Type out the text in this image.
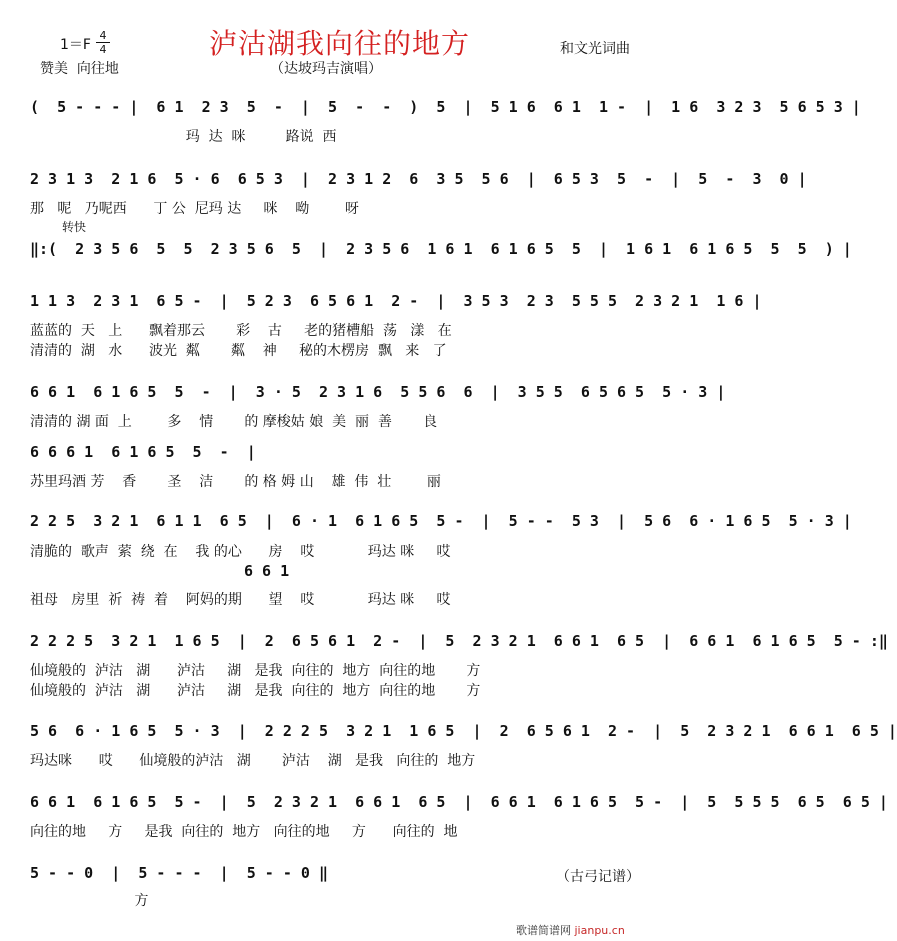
泸沽湖我向往的地方
1＝F
4
4	和文光词曲
赞美  向往地	（达坡玛吉演唱）
(  5 - - - |  6 1  2 3  5  -  |  5  -  -  )  5  |  5 1 6  6 1  1 -  |  1 6  3 2 3  5 6 5 3 |
玛  达  咪         路说  西
2 3 1 3  2 1 6  5 · 6  6 5 3  |  2 3 1 2  6  3 5  5 6  |  6 5 3  5  -  |  5  -  3  0 |
那   呢   乃呢西      丁 公  尼玛 达     咪    呦        呀
转快
‖:(  2 3 5 6  5  5  2 3 5 6  5  |  2 3 5 6  1 6 1  6 1 6 5  5  |  1 6 1  6 1 6 5  5  5  ) |
1 1 3  2 3 1  6 5 -  |  5 2 3  6 5 6 1  2 -  |  3 5 3  2 3  5 5 5  2 3 2 1  1 6 |
蓝蓝的  天   上      飘着那云       彩    古     老的猪槽船  荡   漾   在
清清的  湖   水      波光  粼       粼    神     秘的木楞房  飘   来   了
6 6 1  6 1 6 5  5  -  |  3 · 5  2 3 1 6  5 5 6  6  |  3 5 5  6 5 6 5  5 · 3 |
清清的 湖 面  上        多    情       的 摩梭姑 娘  美  丽  善       良
6 6 6 1  6 1 6 5  5  -  |
苏里玛酒 芳    香       圣    洁       的 格 姆 山    雄  伟  壮        丽
2 2 5  3 2 1  6 1 1  6 5  |  6 · 1  6 1 6 5  5 -  |  5 - -  5 3  |  5 6  6 · 1 6 5  5 · 3 |
清脆的  歌声  萦  绕  在    我 的心      房    哎            玛达 咪     哎
6 6 1
祖母   房里  祈  祷  着    阿妈的期      望    哎            玛达 咪     哎
2 2 2 5  3 2 1  1 6 5  |  2  6 5 6 1  2 -  |  5  2 3 2 1  6 6 1  6 5  |  6 6 1  6 1 6 5  5 - :‖
仙境般的  泸沽   湖      泸沽     湖   是我  向往的  地方  向往的地       方
仙境般的  泸沽   湖      泸沽     湖   是我  向往的  地方  向往的地       方
5 6  6 · 1 6 5  5 · 3  |  2 2 2 5  3 2 1  1 6 5  |  2  6 5 6 1  2 -  |  5  2 3 2 1  6 6 1  6 5 |
玛达咪      哎      仙境般的泸沽   湖       泸沽    湖   是我   向往的  地方
6 6 1  6 1 6 5  5 -  |  5  2 3 2 1  6 6 1  6 5  |  6 6 1  6 1 6 5  5 -  |  5  5 5 5  6 5  6 5 |
向往的地     方     是我  向往的  地方   向往的地     方      向往的  地
5 - - 0  |  5 - - -  |  5 - - 0 ‖
方
（古弓记谱）
歌谱简谱网 jianpu.cn
